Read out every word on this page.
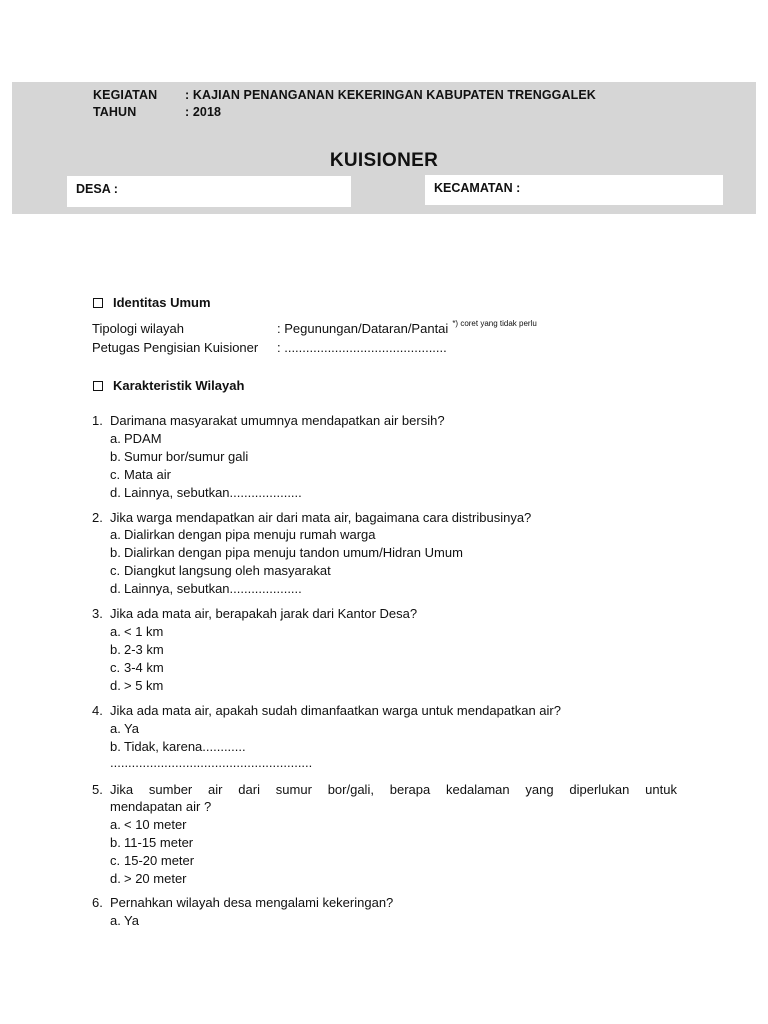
KEGIATAN : KAJIAN PENANGANAN KEKERINGAN KABUPATEN TRENGGALEK
TAHUN	: 2018
KUISIONER
DESA :	KECAMATAN :
Identitas Umum
Tipologi wilayah	: Pegunungan/Dataran/Pantai $^{*) coret yang tidak perlu}$
Petugas Pengisian Kuisioner : .............................................
Karakteristik Wilayah
1. Darimana masyarakat umumnya mendapatkan air bersih?
a. PDAM
b. Sumur bor/sumur gali
c. Mata air
d. Lainnya, sebutkan....................
2. Jika warga mendapatkan air dari mata air, bagaimana cara distribusinya?
a. Dialirkan dengan pipa menuju rumah warga
b. Dialirkan dengan pipa menuju tandon umum/Hidran Umum
c. Diangkut langsung oleh masyarakat
d. Lainnya, sebutkan....................
3. Jika ada mata air, berapakah jarak dari Kantor Desa?
a. < 1 km
b. 2-3 km
c. 3-4 km
d. > 5 km
4. Jika ada mata air, apakah sudah dimanfaatkan warga untuk mendapatkan air?
a. Ya
b. Tidak, karena............
........................................................
5. Jika sumber air dari sumur bor/gali, berapa kedalaman yang diperlukan untuk
mendapatan air ?
a. < 10 meter
b. 11-15 meter
c. 15-20 meter
d. > 20 meter
6. Pernahkan wilayah desa mengalami kekeringan?
a. Ya
